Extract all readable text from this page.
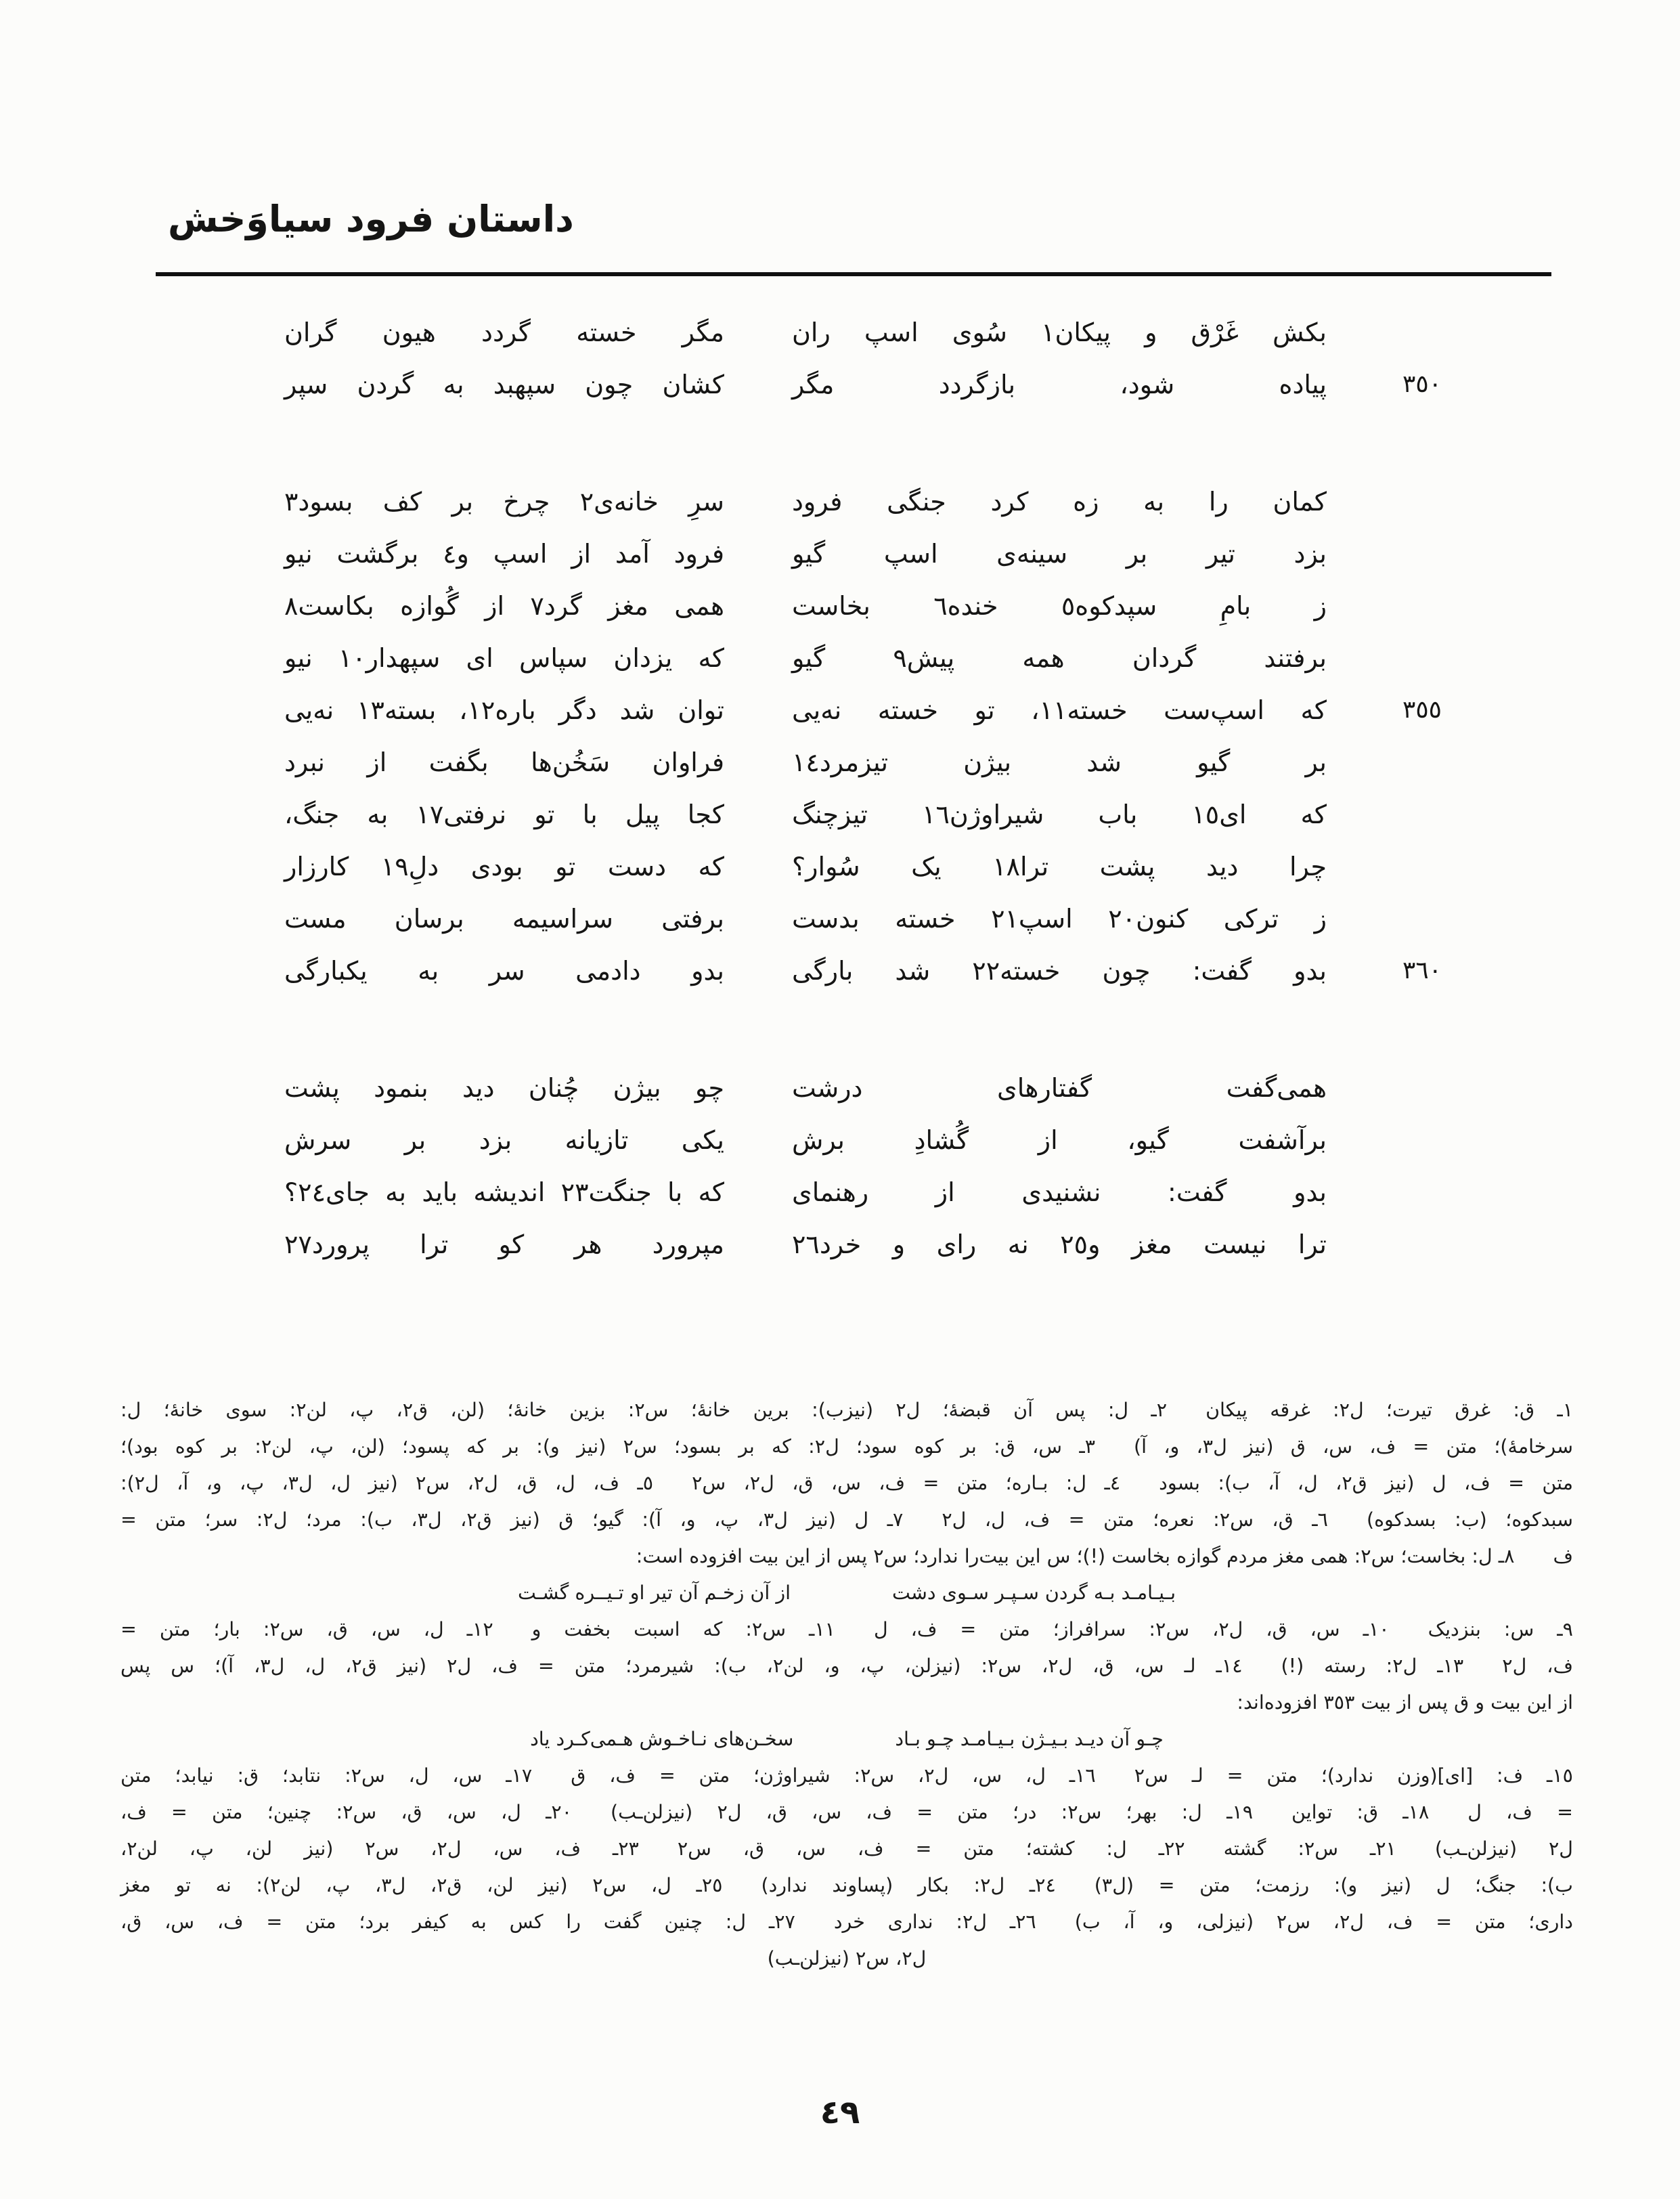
داستان فرود سیاوَخش
بکش غَرْق و پیکان١ سُوی اسپ ران
مگر خسته گردد هیون گران
٣٥٠
پیاده شود، بازگردد مگر
کشان چون سپهبد به گردن سپر
کمان را به زه کرد جنگی فرود
سرِ خانه‌ی٢ چرخ بر کف بسود٣
بزد تیر بر سینه‌ی اسپ گیو
فرود آمد از اسپ و٤ برگشت نیو
ز بامِ سپدکوه٥ خنده٦ بخاست
همی مغز گرد٧ از گُوازه بکاست٨
برفتند گردان همه پیش٩ گیو
که یزدان سپاس ای سپهدار١٠ نیو
٣٥٥
که اسپ‌ست خسته١١، تو خسته نه‌یی
توان شد دگر باره١٢، بسته١٣ نه‌یی
بر گیو شد بیژن تیزمرد١٤
فراوان سَخُن‌ها بگفت از نبرد
که ای١٥ باب شیراوژن١٦ تیزچنگ
کجا پیل با تو نرفتی١٧ به جنگ،
چرا دید پشت ترا١٨ یک سُوار؟
که دست تو بودی دلِ١٩ کارزار
ز ترکی کنون٢٠ اسپ٢١ خسته بدست
برفتی سراسیمه برسان مست
٣٦٠
بدو گفت: چون خسته٢٢ شد بارگی
بدو دادمی سر به یکبارگی
همی‌گفت گفتارهای درشت
چو بیژن چُنان دید بنمود پشت
برآشفت گیو، از گُشادِ برش
یکی تازیانه بزد بر سرش
بدو گفت: نشنیدی از رهنمای
که با جنگت٢٣ اندیشه باید به جای٢٤؟
ترا نیست مغز و٢٥ نه رای و خرد٢٦
مپرورد هر کو ترا پرورد٢٧
١ـ ق: غرق تیرت؛ ل٢: غرقه پیکان  ٢ـ ل: پس آن قبضهٔ؛ ل٢ (نیزب): برین خانهٔ؛ س٢: بزین خانهٔ؛ (لن، ق٢، پ، لن٢: سوی خانهٔ؛ ل:
سرخامهٔ)؛ متن = ف، س، ق (نیز ل٣، و، آ)  ٣ـ س، ق: بر کوه سود؛ ل٢: که بر بسود؛ س٢ (نیز و): بر که پسود؛ (لن، پ، لن٢: بر کوه بود)؛
متن = ف، ل (نیز ق٢، ل، آ، ب): بسود  ٤ـ ل: بـاره؛ متن = ف، س، ق، ل٢، س٢  ٥ـ ف، ل، ق، ل٢، س٢ (نیز ل، ل٣، پ، و، آ، ل٢):
سبدکوه؛ (ب: بسدکوه)  ٦ـ ق، س٢: نعره؛ متن = ف، ل، ل٢  ٧ـ ل (نیز ل٣، پ، و، آ): گیو؛ ق (نیز ق٢، ل٣، ب): مرد؛ ل٢: سر؛ متن =
ف  ٨ـ ل: بخاست؛ س٢: همی مغز مردم گوازه بخاست (!)؛ س این بیت‌را ندارد؛ س٢ پس از این بیت افزوده است:
بـیـامـد بـه گردن سـپـر سـوی دشت
از آن زخـم آن تیر او تـیــره گشـت
٩ـ س: بنزدیک  ١٠ـ س، ق، ل٢، س٢: سرافراز؛ متن = ف، ل  ١١ـ س٢: که اسبت بخفت و  ١٢ـ ل، س، ق، س٢: بار؛ متن =
ف، ل٢  ١٣ـ ل٢: رسته (!)  ١٤ـ لـ س، ق، ل٢، س٢: (نیزلن، پ، و، لن٢، ب): شیرمرد؛ متن = ف، ل٢ (نیز ق٢، ل، ل٣، آ)؛ س پس
از این بیت و ق پس از بیت ٣٥٣ افزوده‌اند:
چـو آن دیـد بـیـژن بـیـامـد چـو بـاد
سخـن‌های نـاخـوش هـمی‌کـرد یاد
١٥ـ ف: [ای](وزن ندارد)؛ متن = لـ س٢  ١٦ـ ل، س، ل٢، س٢: شیراوژن؛ متن = ف، ق  ١٧ـ س، ل، س٢: نتابد؛ ق: نیابد؛ متن
= ف، ل  ١٨ـ ق: تواین  ١٩ـ ل: بهر؛ س٢: در؛ متن = ف، س، ق، ل٢ (نیزلن‌ـب)  ٢٠ـ ل، س، ق، س٢: چنین؛ متن = ف،
ل٢ (نیزلن‌ـب)  ٢١ـ س٢: گشته  ٢٢ـ ل: کشته؛ متن = ف، س، ق، س٢  ٢٣ـ ف، س، ل٢، س٢ (نیز لن، پ، لن٢،
ب): جنگ؛ ل (نیز و): رزمت؛ متن = (ل٣)  ٢٤ـ ل٢: بکار (پساوند ندارد)  ٢٥ـ ل، س٢ (نیز لن، ق٢، ل٣، پ، لن٢): نه تو مغز
داری؛ متن = ف، ل٢، س٢ (نیزلی، و، آ، ب)  ٢٦ـ ل٢: نداری خرد  ٢٧ـ ل: چنین گفت را کس به کیفر برد؛ متن = ف، س، ق،
ل٢، س٢ (نیزلن‌ـب)
٤٩
